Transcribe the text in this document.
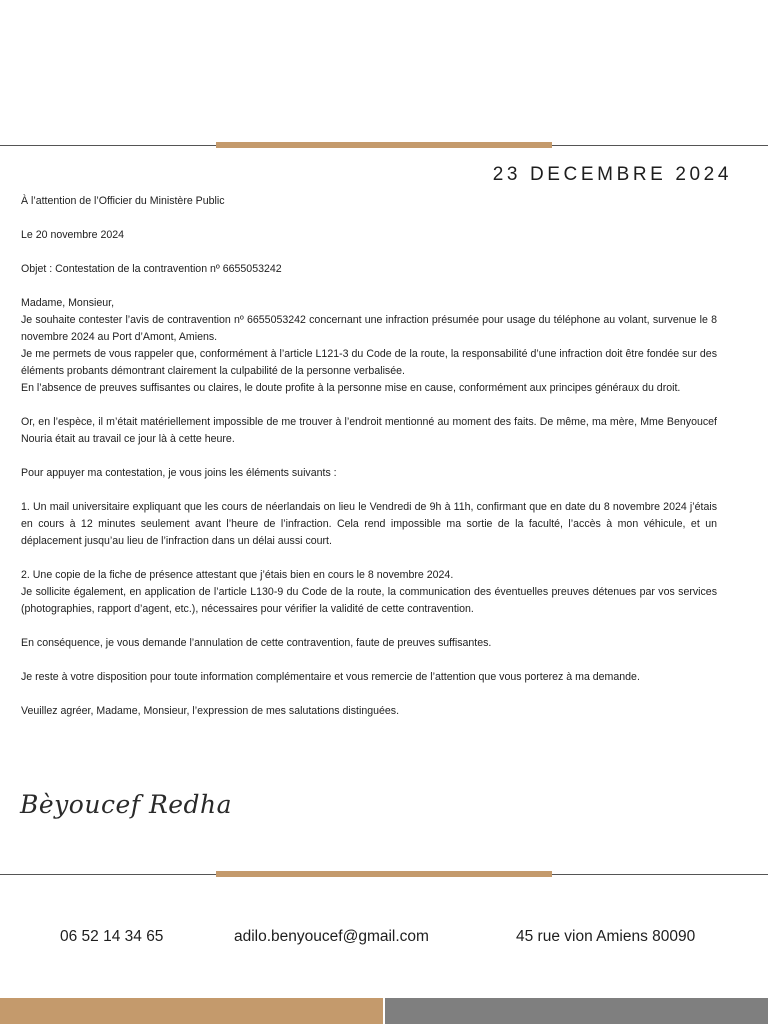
23 DECEMBRE 2024

À l’attention de l’Officier du Ministère Public

Le 20 novembre 2024

Objet : Contestation de la contravention nº 6655053242

Madame, Monsieur,

Je souhaite contester l’avis de contravention nº 6655053242 concernant une infraction présumée pour usage du téléphone au volant, survenue le 8 novembre 2024 au Port d’Amont, Amiens.

Je me permets de vous rappeler que, conformément à l’article L121-3 du Code de la route, la responsabilité d’une infraction doit être fondée sur des éléments probants démontrant clairement la culpabilité de la personne verbalisée.

En l’absence de preuves suffisantes ou claires, le doute profite à la personne mise en cause, conformément aux principes généraux du droit.

Or, en l’espèce, il m’était matériellement impossible de me trouver à l’endroit mentionné au moment des faits. De même, ma mère, Mme Benyoucef Nouria était au travail ce jour là à cette heure.

Pour appuyer ma contestation, je vous joins les éléments suivants :

1. Un mail universitaire expliquant que les cours de néerlandais on lieu le Vendredi de 9h à 11h, confirmant que en date du 8 novembre 2024 j’étais en cours à 12 minutes seulement avant l’heure de l’infraction. Cela rend impossible ma sortie de la faculté, l’accès à mon véhicule, et un déplacement jusqu’au lieu de l’infraction dans un délai aussi court.

2. Une copie de la fiche de présence attestant que j’étais bien en cours le 8 novembre 2024.

Je sollicite également, en application de l’article L130-9 du Code de la route, la communication des éventuelles preuves détenues par vos services (photographies, rapport d’agent, etc.), nécessaires pour vérifier la validité de cette contravention.

En conséquence, je vous demande l’annulation de cette contravention, faute de preuves suffisantes.

Je reste à votre disposition pour toute information complémentaire et vous remercie de l’attention que vous porterez à ma demande.

Veuillez agréer, Madame, Monsieur, l’expression de mes salutations distinguées.

Bèyoucef Redha
06 52 14 34 65	adilo.benyoucef@gmail.com	45 rue vion Amiens 80090
